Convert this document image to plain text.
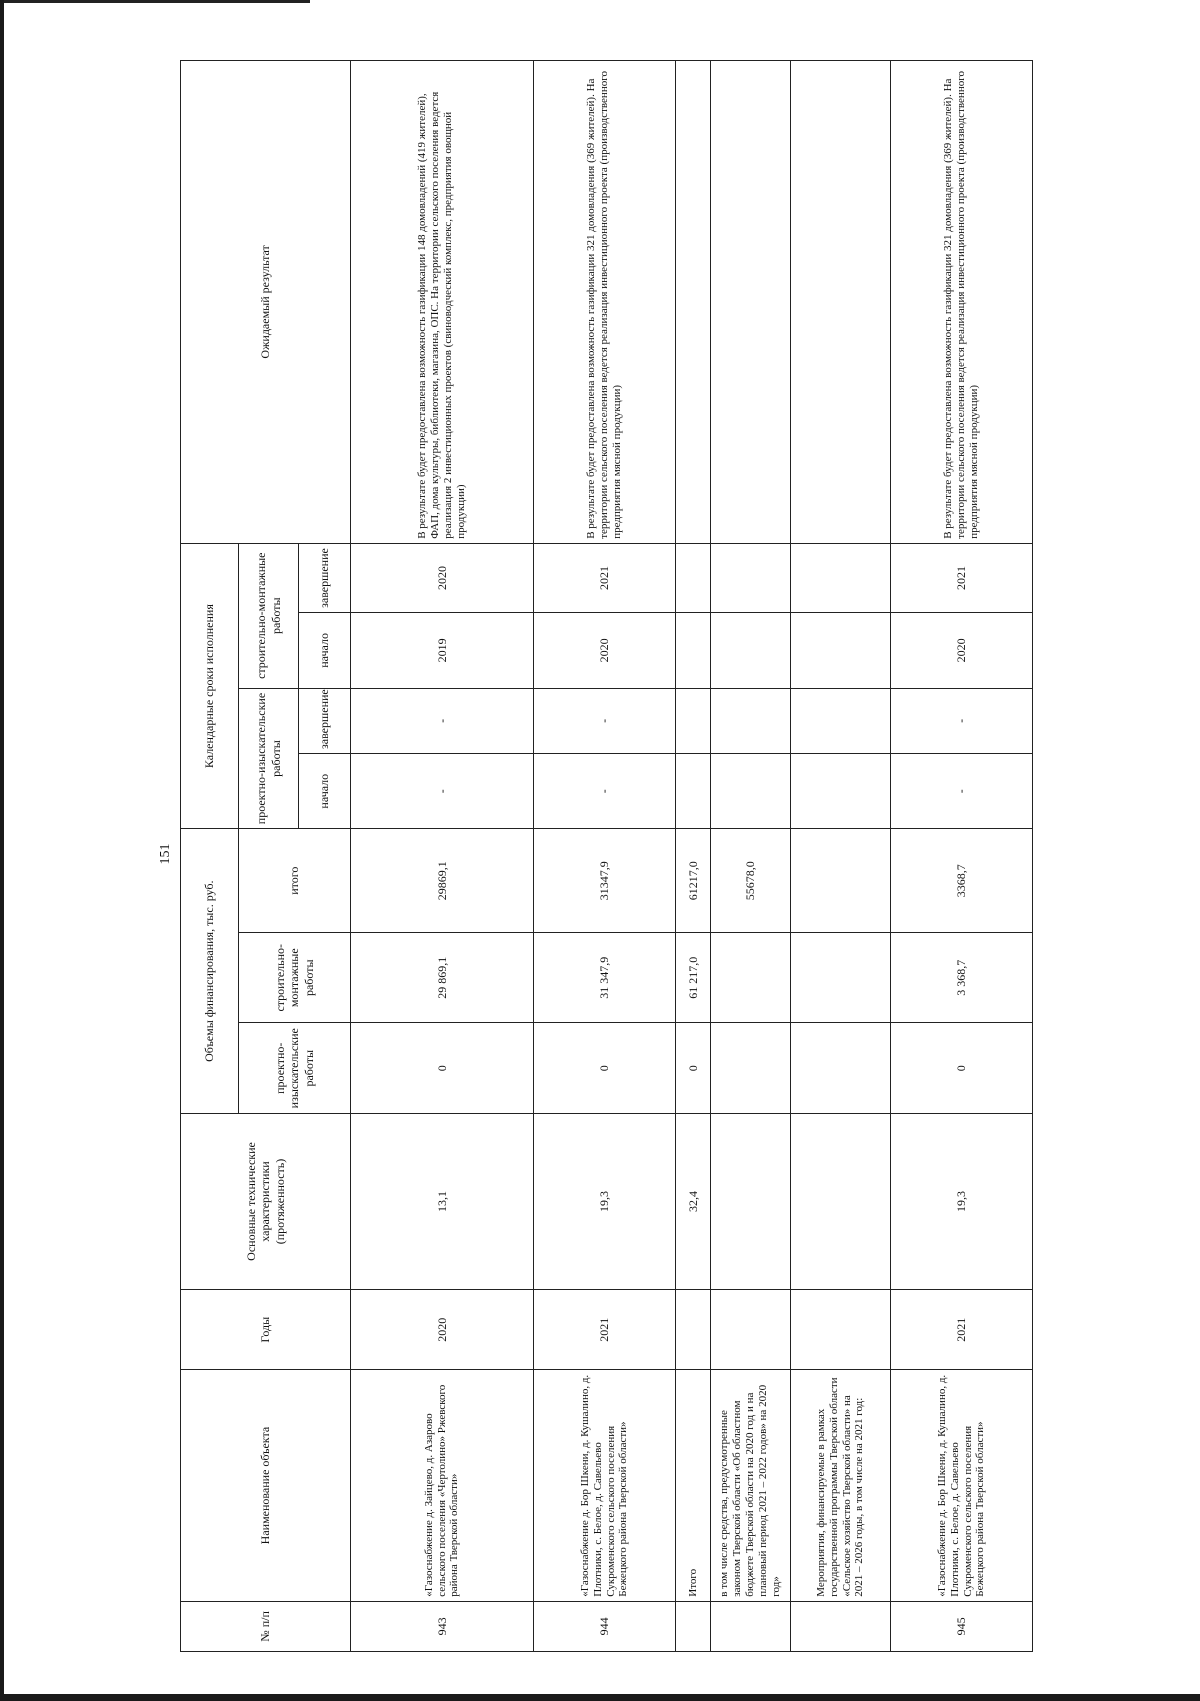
151
№ п/п	Наименование объекта	Годы	Основные технические характеристики (протяженность)	Объемы финансирования, тыс. руб.			Календарные сроки исполнения				Ожидаемый результат
				проектно-изыскательские работы	строительно-монтажные работы	итого	проектно-изыскательские работы		строительно-монтажные работы		
							начало	завершение	начало	завершение	
943	«Газоснабжение д. Зайцево, д. Азарово сельского поселения «Чертолино» Ржевского района Тверской области»	2020	13,1	0	29 869,1	29869,1	-	-	2019	2020	В результате будет предоставлена возможность газификации 148 домовладений (419 жителей), ФАП, дома культуры, библиотеки, магазина, ОПС. На территории сельского поселения ведется реализация 2 инвестиционных проектов (свиноводческий комплекс, предприятия овощной продукции)
944	«Газоснабжение д. Бор Шкени, д. Кушалино, д. Плотники, с. Белое, д. Савельево Сукроменского сельского поселения Бежецкого района Тверской области»	2021	19,3	0	31 347,9	31347,9	-	-	2020	2021	В результате будет предоставлена возможность газификации 321 домовладения (369 жителей). На территории сельского поселения ведется реализация инвестиционного проекта (производственного предприятия мясной продукции)
	Итого		32,4	0	61 217,0	61217,0					
	в том числе средства, предусмотренные законом Тверской области «Об областном бюджете Тверской области на 2020 год и на плановый период 2021 – 2022 годов» на 2020 год»					55678,0					
	Мероприятия, финансируемые в рамках государственной программы Тверской области «Сельское хозяйство Тверской области» на 2021 – 2026 годы, в том числе на 2021 год:										
945	«Газоснабжение д. Бор Шкени, д. Кушалино, д. Плотники, с. Белое, д. Савельево Сукроменского сельского поселения Бежецкого района Тверской области»	2021	19,3	0	3 368,7	3368,7	-	-	2020	2021	В результате будет предоставлена возможность газификации 321 домовладения (369 жителей). На территории сельского поселения ведется реализация инвестиционного проекта (производственного предприятия мясной продукции)
